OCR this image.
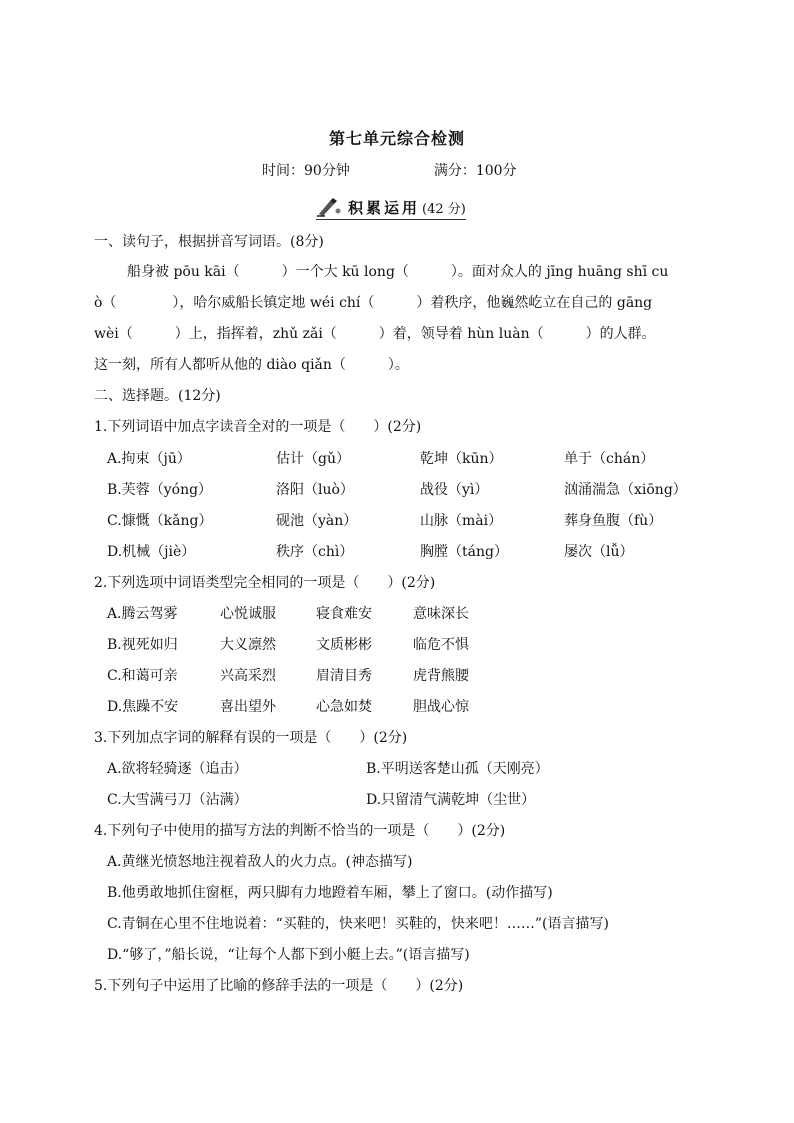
第七单元综合检测
时间：90分钟	满分：100分
积累运用 (42 分)
一、读句子，根据拼音写词语。(8分)
船身被 pōu kāi（　　　）一个大 kū long（　　　）。面对众人的 jīng huāng shī cu
ò（　　　　），哈尔威船长镇定地 wéi chí（　　　）着秩序，他巍然屹立在自己的 gāng
wèi（　　　）上，指挥着，zhǔ zǎi（　　　）着，领导着 hùn luàn（　　　）的人群。
这一刻，所有人都听从他的 diào qiǎn（　　　）。
二、选择题。(12分)
1.下列词语中加点字读音全对的一项是（　　）(2分)
A.拘束（jū）	估计（gǔ）	乾坤（kūn）	单于（chán）
B.芙蓉（yóng）	洛阳（luò）	战役（yì）	汹涌湍急（xiōng）
C.慷慨（kǎng）	砚池（yàn）	山脉（mài）	葬身鱼腹（fù）
D.机械（jiè）	秩序（chì）	胸膛（táng）	屡次（lǚ）
2.下列选项中词语类型完全相同的一项是（　　）(2分)
A.腾云驾雾	心悦诚服	寝食难安	意味深长
B.视死如归	大义凛然	文质彬彬	临危不惧
C.和蔼可亲	兴高采烈	眉清目秀	虎背熊腰
D.焦躁不安	喜出望外	心急如焚	胆战心惊
3.下列加点字词的解释有误的一项是（　　）(2分)
A.欲将轻骑逐（追击）	B.平明送客楚山孤（天刚亮）
C.大雪满弓刀（沾满）	D.只留清气满乾坤（尘世）
4.下列句子中使用的描写方法的判断不恰当的一项是（　　）(2分)
A.黄继光愤怒地注视着敌人的火力点。(神态描写)
B.他勇敢地抓住窗框，两只脚有力地蹬着车厢，攀上了窗口。(动作描写)
C.青铜在心里不住地说着：“买鞋的，快来吧！买鞋的，快来吧！……”(语言描写)
D.“够了，”船长说，“让每个人都下到小艇上去。”(语言描写)
5.下列句子中运用了比喻的修辞手法的一项是（　　）(2分)
